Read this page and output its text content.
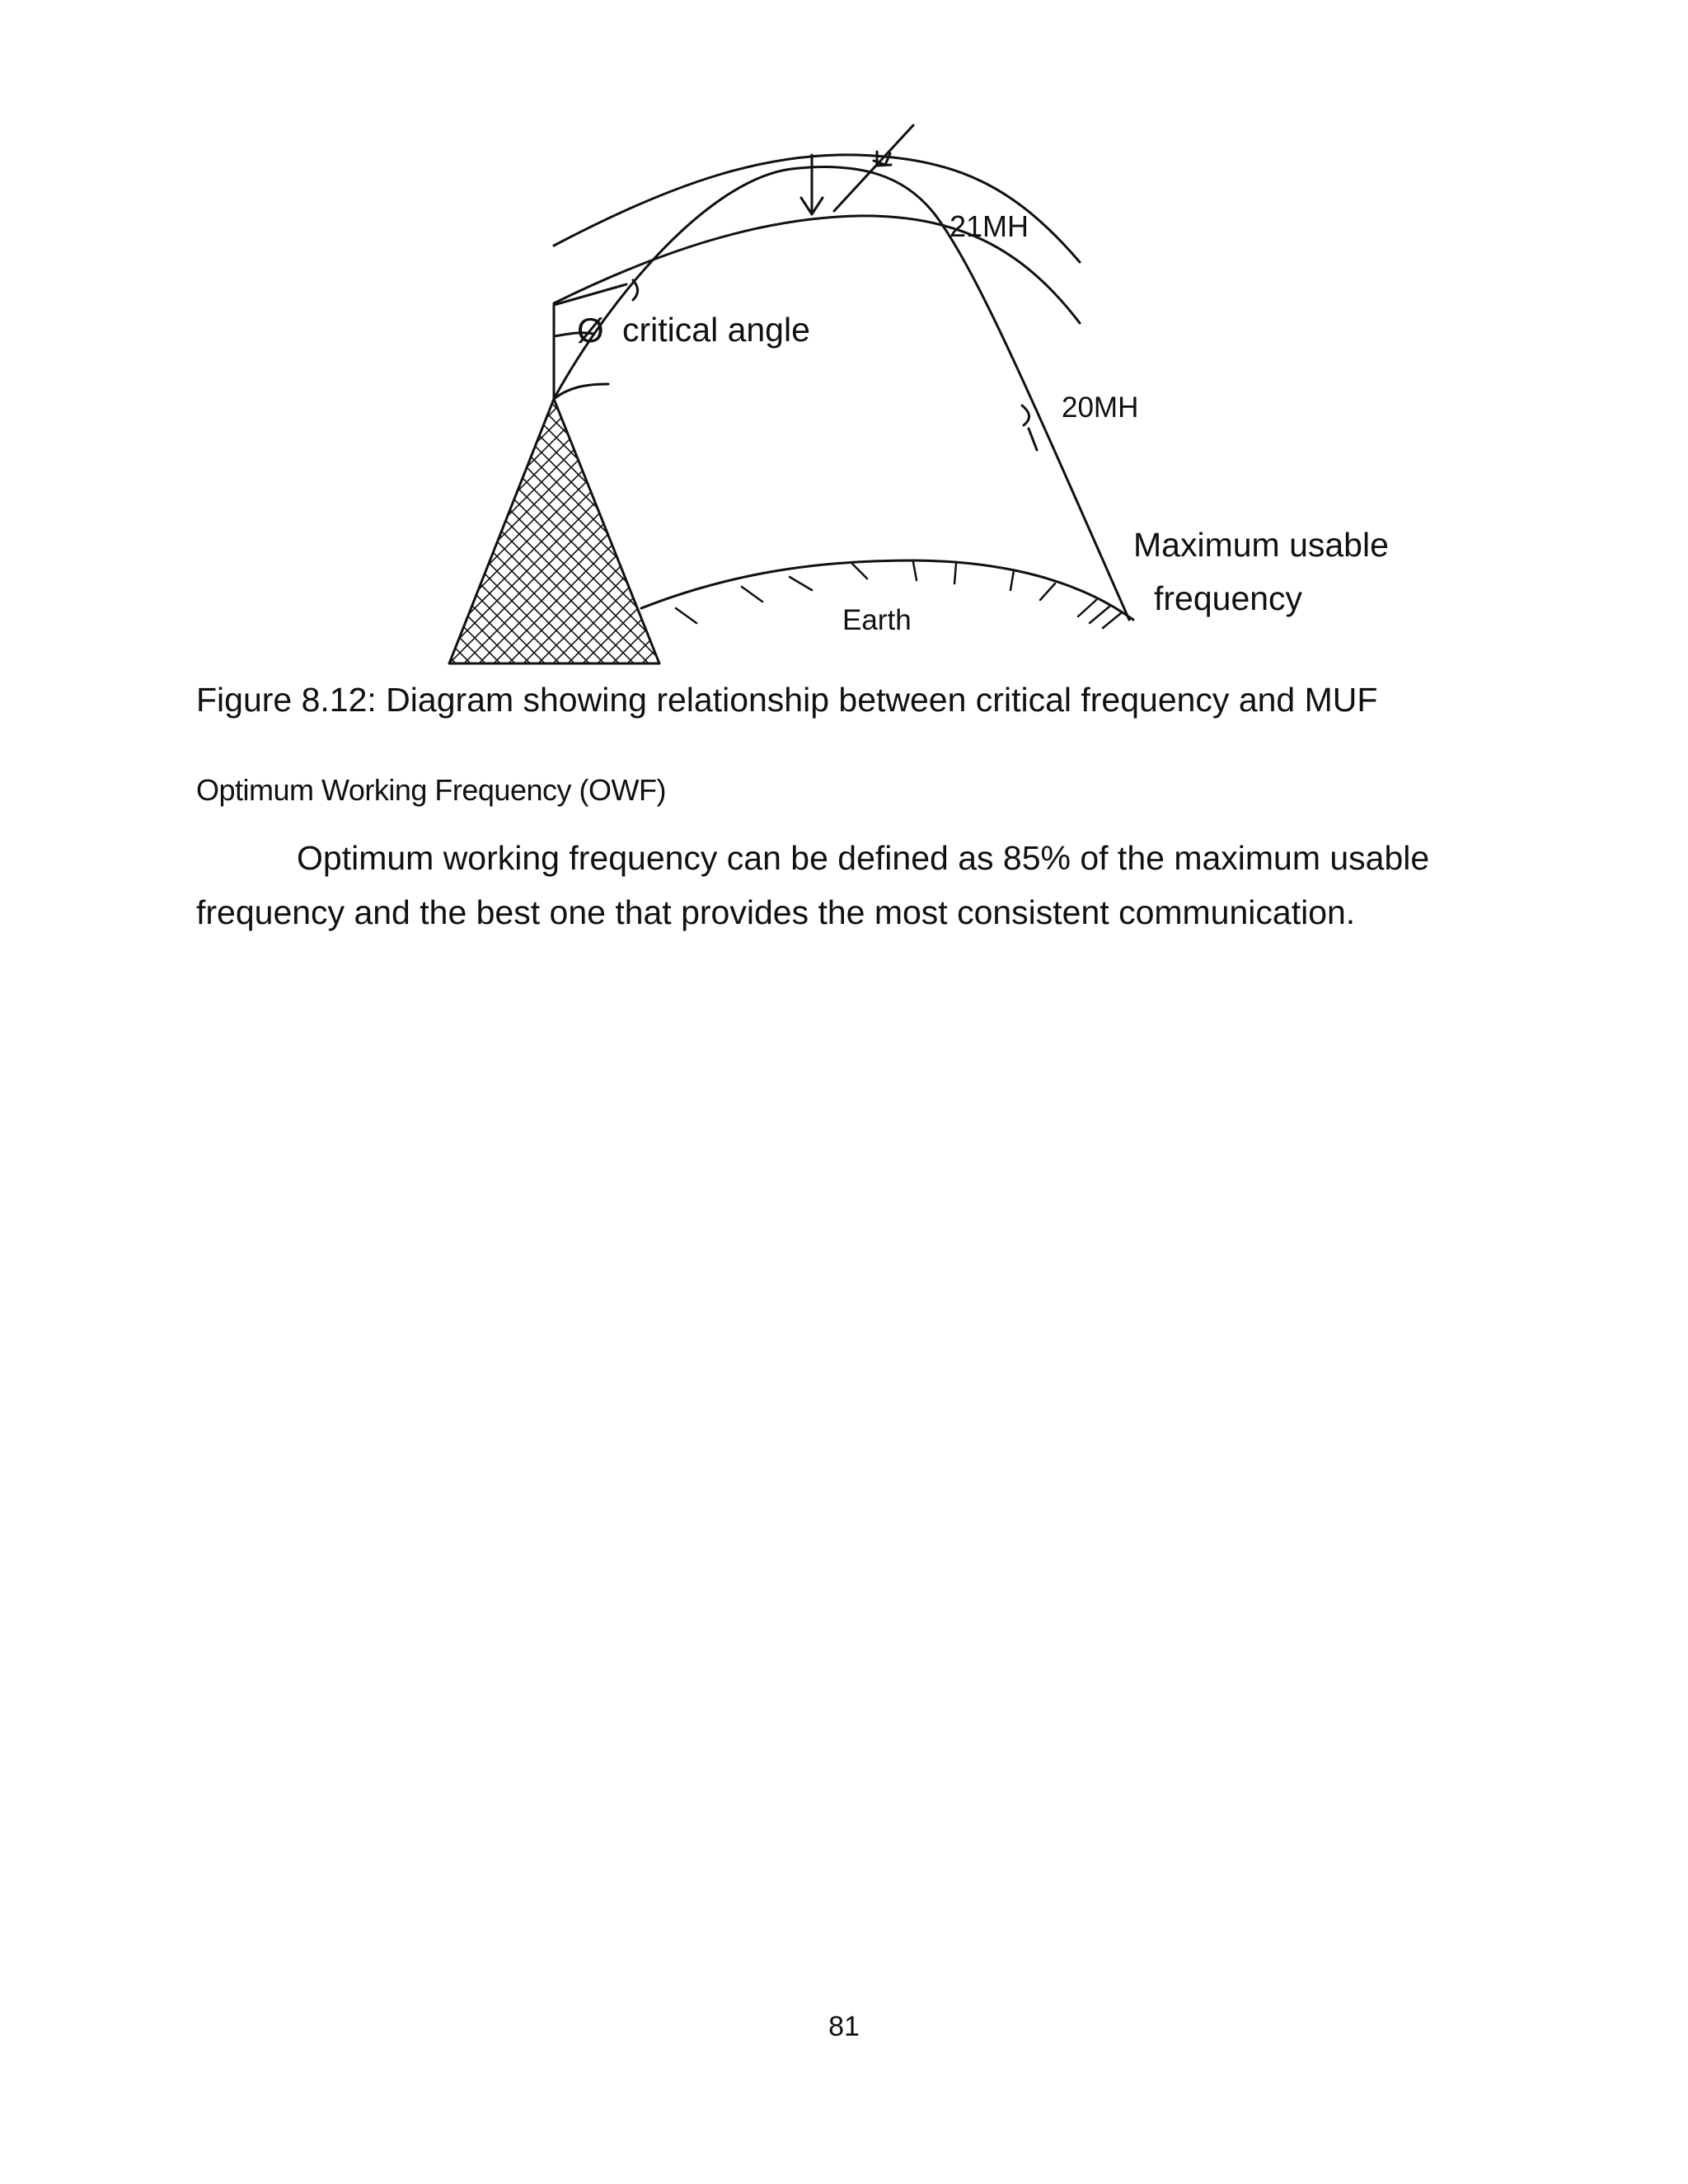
Ø critical angle
21MH
20MH
Maximum usable
frequency
Earth
Figure 8.12: Diagram showing relationship between critical frequency and MUF
Optimum Working Frequency (OWF)
Optimum working frequency can be defined as 85% of the maximum usable
frequency and the best one that provides the most consistent communication.
81
